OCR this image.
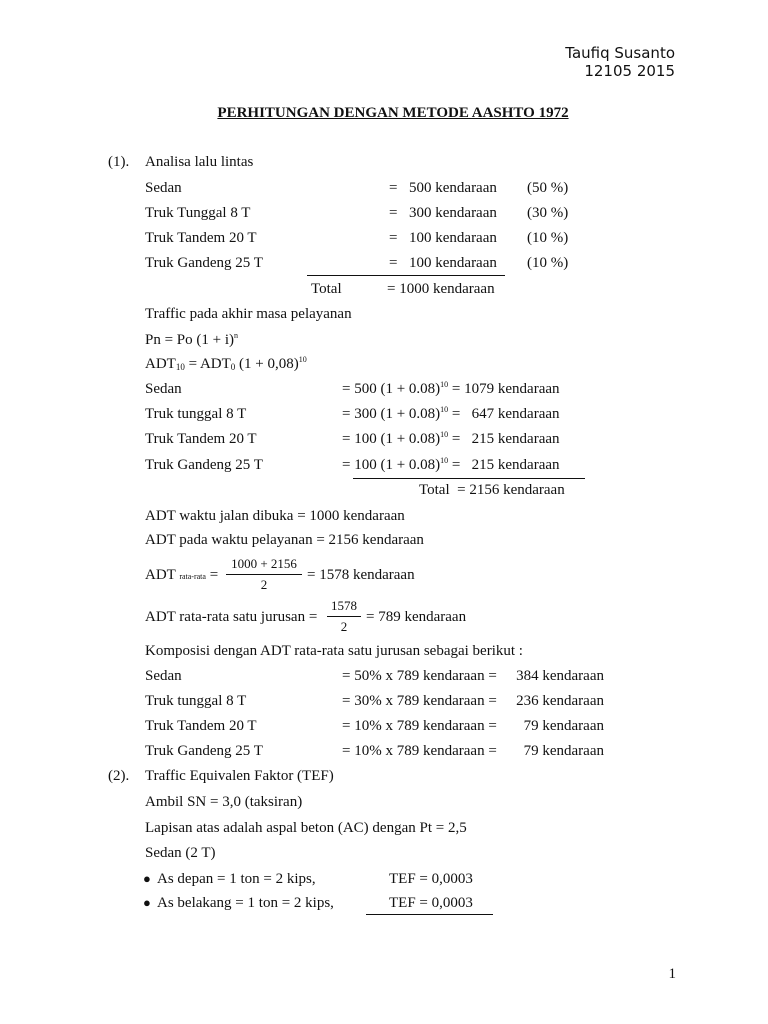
Taufiq Susanto
12105 2015
PERHITUNGAN DENGAN METODE AASHTO 1972
(1). Analisa lalu lintas
Sedan	= 500 kendaraan (50 %)
Truk Tunggal 8 T	= 300 kendaraan (30 %)
Truk Tandem 20 T	= 100 kendaraan (10 %)
Truk Gandeng 25 T	= 100 kendaraan (10 %)
Total	= 1000 kendaraan
Traffic pada akhir masa pelayanan
Pn = Po $(1 + i)^n$
$ADT_{10} = ADT_0$ $(1 + 0,08)^{10}$
Sedan	= 500 $(1 + 0.08)^{10} = 1079$ kendaraan
Truk tunggal 8 T	= 300 $(1 + 0.08)^{10} = 647$ kendaraan
Truk Tandem 20 T	= 100 $(1 + 0.08)^{10} = 215$ kendaraan
Truk Gandeng 25 T	= 100 $(1 + 0.08)^{10} = 215$ kendaraan
Total  = 2156 kendaraan
ADT waktu jalan dibuka = 1000 kendaraan
ADT pada waktu pelayanan = 2156 kendaraan
ADT rata-rata =
1000 + 2156
2
= 1578 kendaraan
ADT rata-rata satu jurusan =
1578
2
= 789 kendaraan
Komposisi dengan ADT rata-rata satu jurusan sebagai berikut :
Sedan	= 50% x 789 kendaraan = 384 kendaraan
Truk tunggal 8 T	= 30% x 789 kendaraan = 236 kendaraan
Truk Tandem 20 T	= 10% x 789 kendaraan = 79 kendaraan
Truk Gandeng 25 T	= 10% x 789 kendaraan = 79 kendaraan
(2). Traffic Equivalen Faktor (TEF)
Ambil SN = 3,0 (taksiran)
Lapisan atas adalah aspal beton (AC) dengan Pt = 2,5
Sedan (2 T)
● As depan = 1 ton = 2 kips,	TEF = 0,0003
● As belakang = 1 ton = 2 kips,	TEF = 0,0003
1
